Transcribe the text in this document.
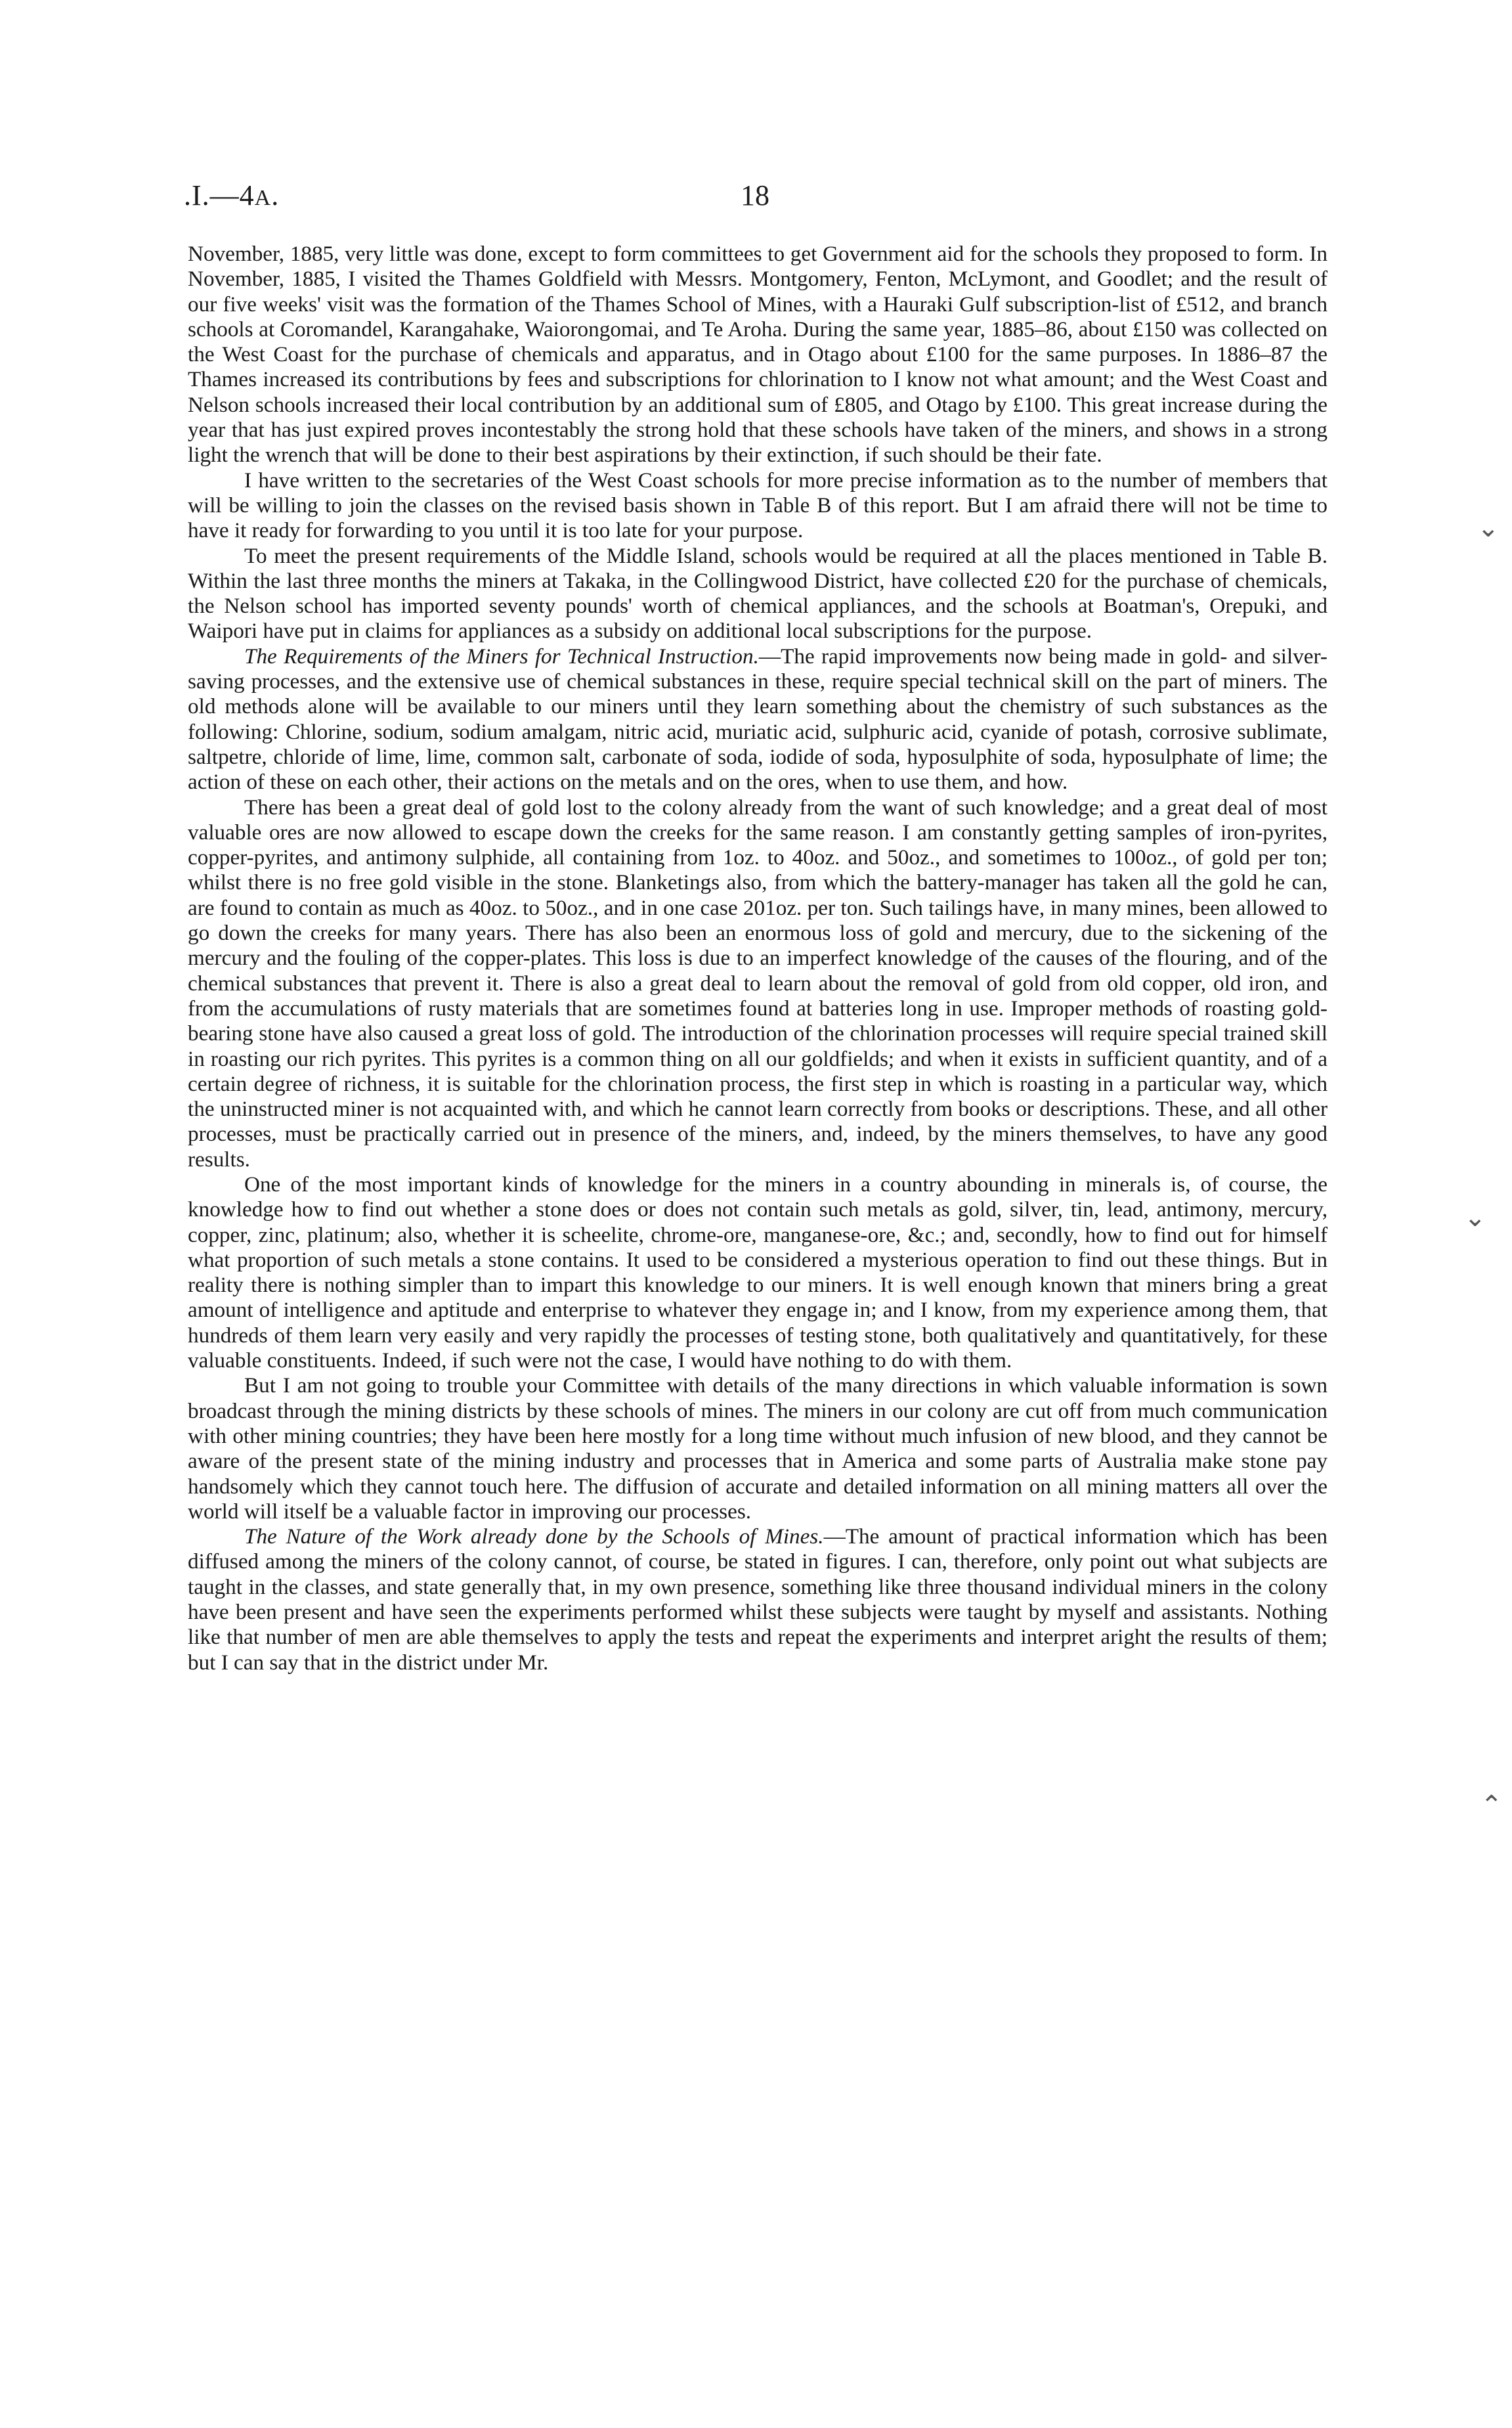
.I.—4A.	18

November, 1885, very little was done, except to form committees to get Government aid for the schools they proposed to form. In November, 1885, I visited the Thames Goldfield with Messrs. Montgomery, Fenton, McLymont, and Goodlet; and the result of our five weeks' visit was the formation of the Thames School of Mines, with a Hauraki Gulf subscription-list of £512, and branch schools at Coromandel, Karangahake, Waiorongomai, and Te Aroha. During the same year, 1885–86, about £150 was collected on the West Coast for the purchase of chemicals and apparatus, and in Otago about £100 for the same purposes. In 1886–87 the Thames increased its contributions by fees and subscriptions for chlorination to I know not what amount; and the West Coast and Nelson schools increased their local contribution by an additional sum of £805, and Otago by £100. This great increase during the year that has just expired proves incontestably the strong hold that these schools have taken of the miners, and shows in a strong light the wrench that will be done to their best aspirations by their extinction, if such should be their fate.

I have written to the secretaries of the West Coast schools for more precise information as to the number of members that will be willing to join the classes on the revised basis shown in Table B of this report. But I am afraid there will not be time to have it ready for forwarding to you until it is too late for your purpose.

To meet the present requirements of the Middle Island, schools would be required at all the places mentioned in Table B. Within the last three months the miners at Takaka, in the Collingwood District, have collected £20 for the purchase of chemicals, the Nelson school has imported seventy pounds' worth of chemical appliances, and the schools at Boatman's, Orepuki, and Waipori have put in claims for appliances as a subsidy on additional local subscriptions for the purpose.

The Requirements of the Miners for Technical Instruction.—The rapid improvements now being made in gold- and silver-saving processes, and the extensive use of chemical substances in these, require special technical skill on the part of miners. The old methods alone will be available to our miners until they learn something about the chemistry of such substances as the following: Chlorine, sodium, sodium amalgam, nitric acid, muriatic acid, sulphuric acid, cyanide of potash, corrosive sublimate, saltpetre, chloride of lime, lime, common salt, carbonate of soda, iodide of soda, hyposulphite of soda, hyposulphate of lime; the action of these on each other, their actions on the metals and on the ores, when to use them, and how.

There has been a great deal of gold lost to the colony already from the want of such knowledge; and a great deal of most valuable ores are now allowed to escape down the creeks for the same reason. I am constantly getting samples of iron-pyrites, copper-pyrites, and antimony sulphide, all containing from 1oz. to 40oz. and 50oz., and sometimes to 100oz., of gold per ton; whilst there is no free gold visible in the stone. Blanketings also, from which the battery-manager has taken all the gold he can, are found to contain as much as 40oz. to 50oz., and in one case 201oz. per ton. Such tailings have, in many mines, been allowed to go down the creeks for many years. There has also been an enormous loss of gold and mercury, due to the sickening of the mercury and the fouling of the copper-plates. This loss is due to an imperfect knowledge of the causes of the flouring, and of the chemical substances that prevent it. There is also a great deal to learn about the removal of gold from old copper, old iron, and from the accumulations of rusty materials that are sometimes found at batteries long in use. Improper methods of roasting gold-bearing stone have also caused a great loss of gold. The introduction of the chlorination processes will require special trained skill in roasting our rich pyrites. This pyrites is a common thing on all our goldfields; and when it exists in sufficient quantity, and of a certain degree of richness, it is suitable for the chlorination process, the first step in which is roasting in a particular way, which the uninstructed miner is not acquainted with, and which he cannot learn correctly from books or descriptions. These, and all other processes, must be practically carried out in presence of the miners, and, indeed, by the miners themselves, to have any good results.

One of the most important kinds of knowledge for the miners in a country abounding in minerals is, of course, the knowledge how to find out whether a stone does or does not contain such metals as gold, silver, tin, lead, antimony, mercury, copper, zinc, platinum; also, whether it is scheelite, chrome-ore, manganese-ore, &c.; and, secondly, how to find out for himself what proportion of such metals a stone contains. It used to be considered a mysterious operation to find out these things. But in reality there is nothing simpler than to impart this knowledge to our miners. It is well enough known that miners bring a great amount of intelligence and aptitude and enterprise to whatever they engage in; and I know, from my experience among them, that hundreds of them learn very easily and very rapidly the processes of testing stone, both qualitatively and quantitatively, for these valuable constituents. Indeed, if such were not the case, I would have nothing to do with them.

But I am not going to trouble your Committee with details of the many directions in which valuable information is sown broadcast through the mining districts by these schools of mines. The miners in our colony are cut off from much communication with other mining countries; they have been here mostly for a long time without much infusion of new blood, and they cannot be aware of the present state of the mining industry and processes that in America and some parts of Australia make stone pay handsomely which they cannot touch here. The diffusion of accurate and detailed information on all mining matters all over the world will itself be a valuable factor in improving our processes.

The Nature of the Work already done by the Schools of Mines.—The amount of practical information which has been diffused among the miners of the colony cannot, of course, be stated in figures. I can, therefore, only point out what subjects are taught in the classes, and state generally that, in my own presence, something like three thousand individual miners in the colony have been present and have seen the experiments performed whilst these subjects were taught by myself and assistants. Nothing like that number of men are able themselves to apply the tests and repeat the experiments and interpret aright the results of them; but I can say that in the district under Mr.

⌄
⌄
⌃
